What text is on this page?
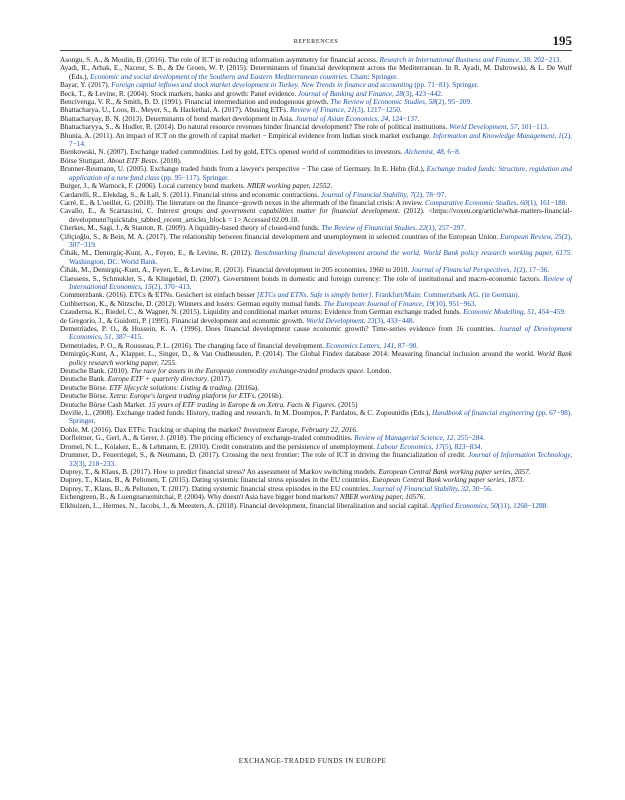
REFERENCES	195

Asongu, S. A., & Moulin, B. (2016). The role of ICT in reducing information asymmetry for financial access. Research in International Business and Finance, 38, 202−213.

Ayadi, R., Arbak, E., Naceur, S. B., & De Groen, W. P. (2015). Determinants of financial development across the Mediterranean. In R. Ayadi, M. Dabrowski, & L. De Wulf (Eds.), Economic and social development of the Southern and Eastern Mediterranean countries. Cham: Springer.

Bayar, Y. (2017). Foreign capital inflows and stock market development in Turkey. New Trends in finance and accounting (pp. 71−81). Springer.

Beck, T., & Levine, R. (2004). Stock markets, banks and growth: Panel evidence. Journal of Banking and Finance, 28(3), 423−442.

Bencivenga, V. R., & Smith, B. D. (1991). Financial intermediation and endogenous growth. The Review of Economic Studies, 58(2), 95−209.

Bhattacharya, U., Loos, B., Meyer, S., & Hackethal, A. (2017). Abusing ETFs. Review of Finance, 21(3), 1217−1250.

Bhattacharyay, B. N. (2013). Determinants of bond market development in Asia. Journal of Asian Economics, 24, 124−137.

Bhattacharyya, S., & Hodler, R. (2014). Do natural resource revenues hinder financial development? The role of political institutions. World Development, 57, 101−113.

Bhunia, A. (2011). An impact of ICT on the growth of capital market − Empirical evidence from Indian stock market exchange. Information and Knowledge Management, 1(2), 7−14.

Bienkowski, N. (2007). Exchange traded commodities. Led by gold, ETCs opened world of commodities to investors. Alchemist, 48, 6−8.

Börse Stuttgart. About ETF Bestx. (2018).

Brunner-Reumann, U. (2005). Exchange traded funds from a lawyer's perspective − The case of Germany. In E. Hehn (Ed.), Exchange traded funds: Structure, regulation and application of a new fund class (pp. 95−117). Springer.

Burger, J., & Warnock, F. (2006). Local currency bond markets. NBER working paper, 12552.

Cardarelli, R., Elekdag, S., & Lall, S. (2011). Financial stress and economic contractions. Journal of Financial Stability, 7(2), 78−97.

Carré, E., & L'oeillet, G. (2018). The literature on the finance−growth nexus in the aftermath of the financial crisis: A review. Comparative Economic Studies, 60(1), 161−180.

Cavallo, E., & Scartascini, C. Interest groups and government capabilities matter for financial development. (2012). <https://voxeu.org/article/what-matters-financial-development?quicktabs_tabbed_recent_articles_block = 1> Accessed 02.09.18.

Cherkes, M., Sagi, J., & Stanton, R. (2009). A liquidity-based theory of closed-end funds. The Review of Financial Studies, 22(1), 257−297.

Çiftçioğlu, S., & Bein, M. A. (2017). The relationship between financial development and unemployment in selected countries of the European Union. European Review, 25(2), 307−319.

Čihák, M., Demirgüç-Kunt, A., Feyen, E., & Levine, R. (2012). Benchmarking financial development around the world. World Bank policy research working paper, 6175. Washington, DC: World Bank.

Čihák, M., Demirgüç-Kunt, A., Feyen, E., & Levine, R. (2013). Financial development in 205 economies, 1960 to 2010. Journal of Financial Perspectives, 1(2), 17−36.

Claessens, S., Schmukler, S., & Klingebiel, D. (2007). Government bonds in domestic and foreign currency: The role of institutional and macro-economic factors. Review of International Economics, 15(2), 370−413.

Commerzbank. (2016). ETCs & ETNs. Gesichert ist einfach besser [ETCs and ETNs. Safe is simply better]. Frankfurt/Main: Commerzbank AG. (in German).

Cuthbertson, K., & Nitzsche, D. (2012). Winners and losers: German equity mutual funds. The European Journal of Finance, 19(10), 951−963.

Czauderna, K., Riedel, C., & Wagner, N. (2015). Liquidity and conditional market returns: Evidence from German exchange traded funds. Economic Modelling, 51, 454−459.

de Gregorio, J., & Guidotti, P. (1995). Financial development and economic growth. World Development, 23(3), 433−448.

Demetriades, P. O., & Hussein, K. A. (1996). Does financial development cause economic growth? Time-series evidence from 16 countries. Journal of Development Economics, 51, 387−415.

Demetriades, P. O., & Rousseau, P. L. (2016). The changing face of financial development. Economics Letters, 141, 87−90.

Demirgüç-Kunt, A., Klapper, L., Singer, D., & Van Oudheusden, P. (2014). The Global Findex database 2014: Measuring financial inclusion around the world. World Bank policy research working paper, 7255.

Deutsche Bank. (2010). The race for assets in the European commodity exchange-traded products space. London.

Deutsche Bank. Europe ETF + quarterly directory. (2017).

Deutsche Börse. ETF lifecycle solutions: Listing & trading. (2016a).

Deutsche Börse. Xetra: Europe's largest trading platform for ETFs. (2016b).

Deutsche Börse Cash Market. 15 years of ETF trading in Europe & on Xetra. Facts & Figures. (2015)

Deville, L. (2008). Exchange traded funds: History, trading and research. In M. Doumpos, P. Pardalos, & C. Zopounidis (Eds.), Handbook of financial engineering (pp. 67−98). Springer.

Dohle, M. (2016). Dax ETFs: Tracking or shaping the market? Investment Europe, February 22, 2016.

Dorfleitner, G., Gerl, A., & Gerer, J. (2018). The pricing efficiency of exchange-traded commodities. Review of Managerial Science, 12, 255−284.

Dromel, N. L., Kolakez, E., & Lehmann, E. (2010). Credit constraints and the persistence of unemployment. Labour Economics, 17(5), 823−834.

Drummer, D., Feuerriegel, S., & Neumann, D. (2017). Crossing the next frontier: The role of ICT in driving the financialization of credit. Journal of Information Technology, 32(3), 218−233.

Duprey, T., & Klaus, B. (2017). How to predict financial stress? An assessment of Markov switching models. European Central Bank working paper series, 2057.

Duprey, T., Klaus, B., & Peltonen, T. (2015). Dating systemic financial stress episodes in the EU countries. European Central Bank working paper series, 1873.

Duprey, T., Klaus, B., & Peltonen, T. (2017). Dating systemic financial stress episodes in the EU countries. Journal of Financial Stability, 32, 30−56.

Eichengreen, B., & Luengnaruemitchai, P. (2004). Why doesn't Asia have bigger bond markets? NBER working paper, 10576.

Elkhuizen, L., Hermes, N., Jacobs, J., & Meesters, A. (2018). Financial development, financial liberalization and social capital. Applied Economics, 50(11), 1268−1288.

EXCHANGE-TRADED FUNDS IN EUROPE
